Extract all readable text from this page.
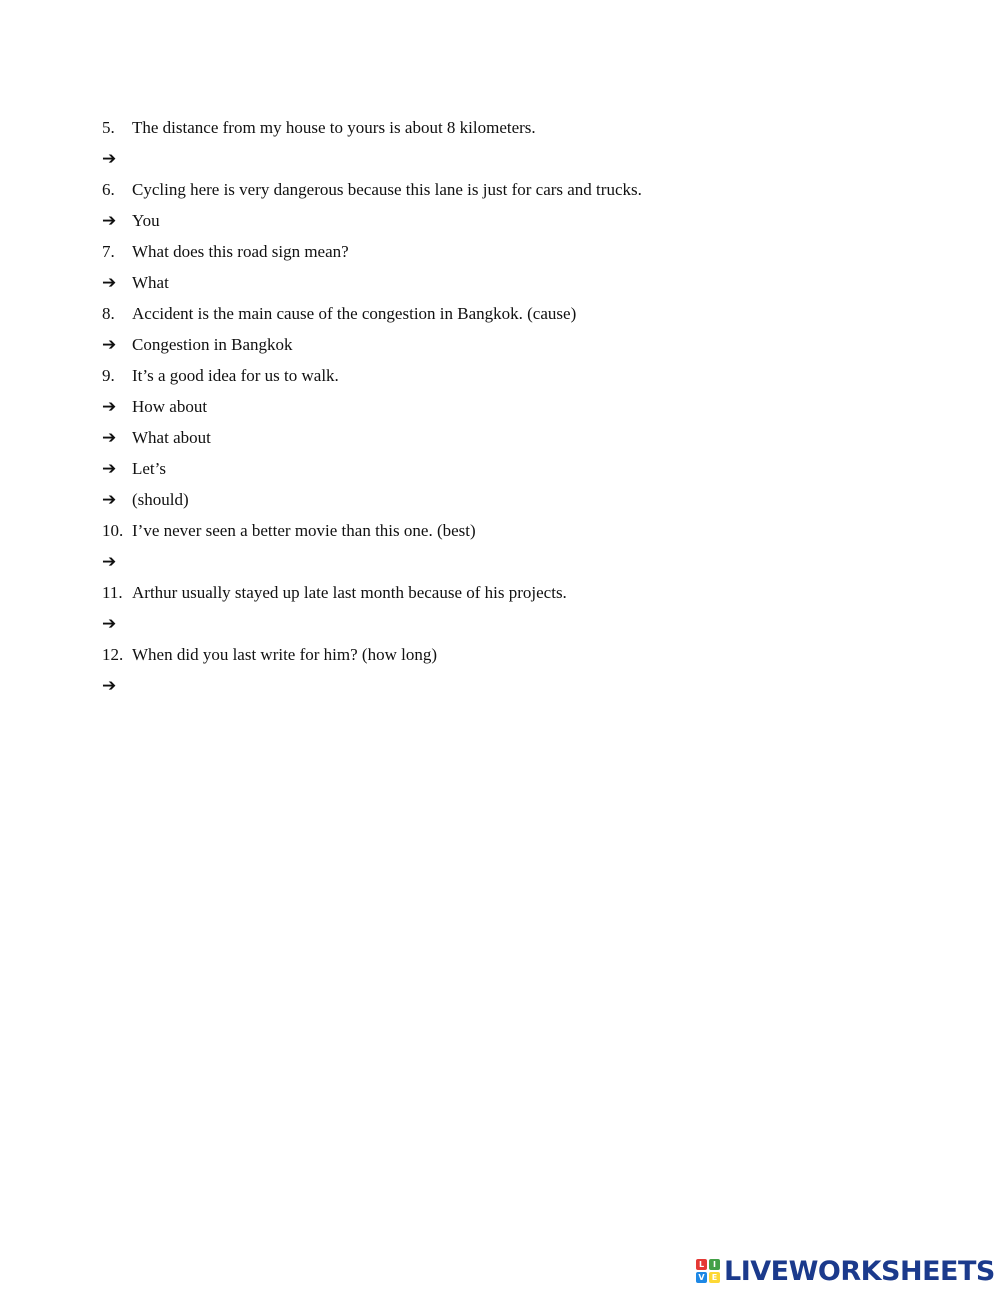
5. The distance from my house to yours is about 8 kilometers.
➔
6. Cycling here is very dangerous because this lane is just for cars and trucks.
➔ You
7. What does this road sign mean?
➔ What
8. Accident is the main cause of the congestion in Bangkok. (cause)
➔ Congestion in Bangkok
9. It’s a good idea for us to walk.
➔ How about
➔ What about
➔ Let’s
➔ (should)
10. I’ve never seen a better movie than this one. (best)
➔
11. Arthur usually stayed up late last month because of his projects.
➔
12. When did you last write for him? (how long)
➔
L	I
V E LIVEWORKSHEETS
